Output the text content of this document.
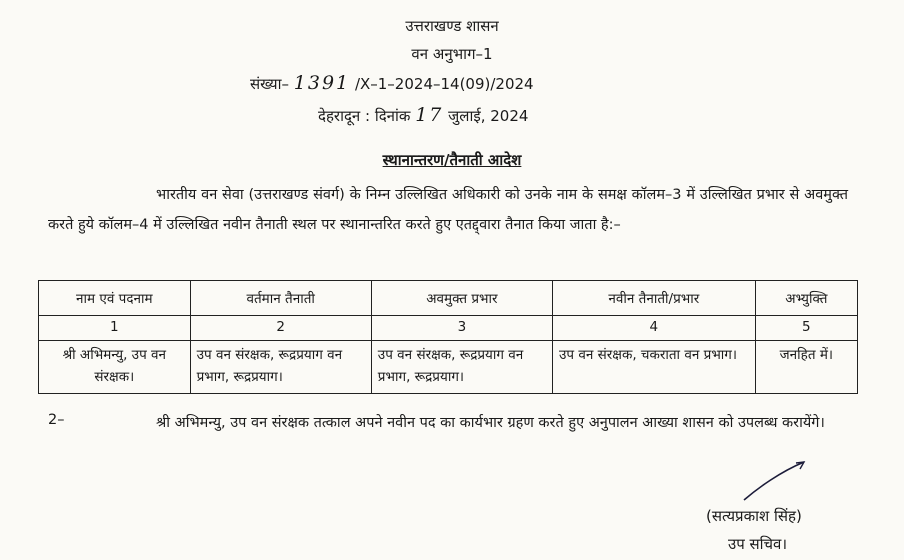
उत्तराखण्ड शासन
वन अनुभाग–1
संख्या– 1391 /X–1–2024–14(09)/2024
देहरादून : दिनांक 17 जुलाई, 2024
स्थानान्तरण/तैनाती आदेश
भारतीय वन सेवा (उत्तराखण्ड संवर्ग) के निम्न उल्लिखित अधिकारी को उनके नाम के समक्ष कॉलम–3 में उल्लिखित प्रभार से अवमुक्त करते हुये कॉलम–4 में उल्लिखित नवीन तैनाती स्थल पर स्थानान्तरित करते हुए एतद्द्वारा तैनात किया जाता है:–
नाम एवं पदनाम	वर्तमान तैनाती	अवमुक्त प्रभार	नवीन तैनाती/प्रभार	अभ्युक्ति
1	2	3	4	5
श्री अभिमन्यु, उप वन संरक्षक।	उप वन संरक्षक, रूद्रप्रयाग वन प्रभाग, रूद्रप्रयाग।	उप वन संरक्षक, रूद्रप्रयाग वन प्रभाग, रूद्रप्रयाग।	उप वन संरक्षक, चकराता वन प्रभाग।	जनहित में।
2–	श्री अभिमन्यु, उप वन संरक्षक तत्काल अपने नवीन पद का कार्यभार ग्रहण करते हुए अनुपालन आख्या शासन को उपलब्ध करायेंगे।
(सत्यप्रकाश सिंह)
उप सचिव।
